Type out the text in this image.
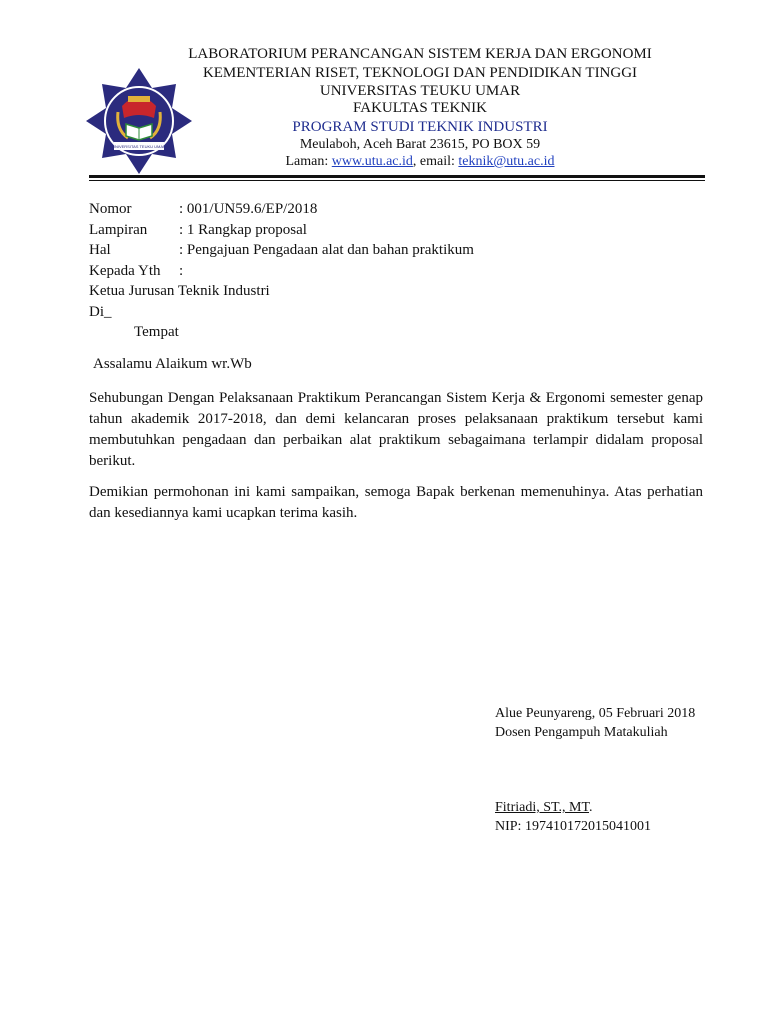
UNIVERSITAS TEUKU UMAR
LABORATORIUM PERANCANGAN SISTEM KERJA DAN ERGONOMI
KEMENTERIAN RISET, TEKNOLOGI DAN PENDIDIKAN TINGGI
UNIVERSITAS TEUKU UMAR
FAKULTAS TEKNIK
PROGRAM STUDI TEKNIK INDUSTRI
Meulaboh, Aceh Barat 23615, PO BOX 59
Laman: www.utu.ac.id, email: teknik@utu.ac.id
Nomor	: 001/UN59.6/EP/2018
Lampiran	: 1 Rangkap proposal
Hal	: Pengajuan Pengadaan alat dan bahan praktikum
Kepada Yth	:
Ketua Jurusan Teknik Industri
Di_
Tempat
Assalamu Alaikum wr.Wb
Sehubungan Dengan Pelaksanaan Praktikum Perancangan Sistem Kerja & Ergonomi semester genap tahun akademik 2017-2018, dan demi kelancaran proses pelaksanaan praktikum tersebut kami membutuhkan pengadaan dan perbaikan alat praktikum sebagaimana terlampir didalam proposal berikut.
Demikian permohonan ini kami sampaikan, semoga Bapak berkenan memenuhinya. Atas perhatian dan kesediannya kami ucapkan terima kasih.
Alue Peunyareng, 05 Februari 2018
Dosen Pengampuh Matakuliah
Fitriadi, ST., MT.
NIP: 197410172015041001
